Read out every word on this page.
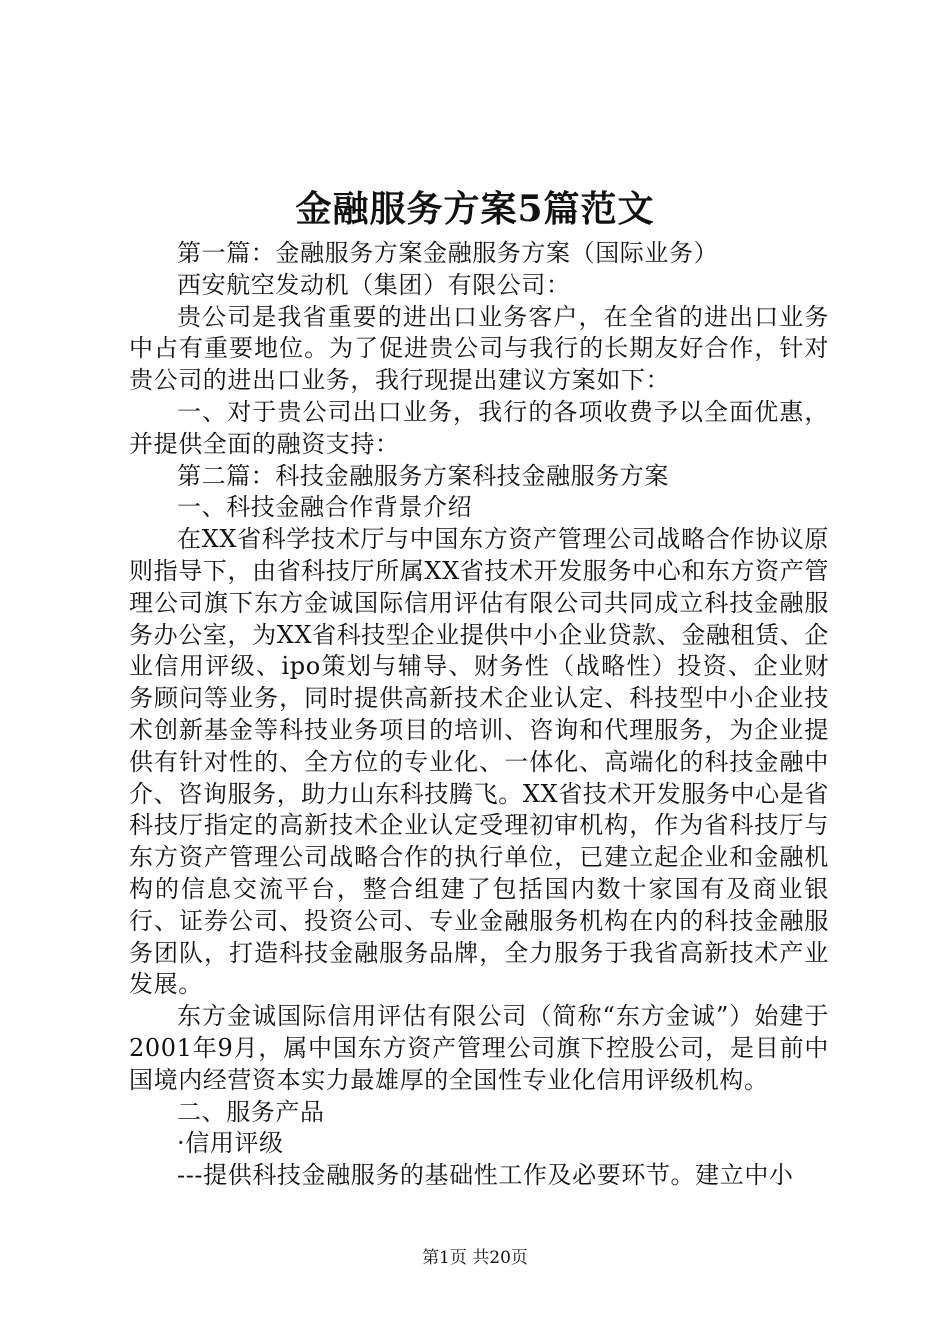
金融服务方案5篇范文

第一篇：金融服务方案金融服务方案（国际业务）

西安航空发动机（集团）有限公司：

贵公司是我省重要的进出口业务客户，在全省的进出口业务中占有重要地位。为了促进贵公司与我行的长期友好合作，针对贵公司的进出口业务，我行现提出建议方案如下：

一、对于贵公司出口业务，我行的各项收费予以全面优惠，并提供全面的融资支持：

第二篇：科技金融服务方案科技金融服务方案

一、科技金融合作背景介绍

在XX省科学技术厅与中国东方资产管理公司战略合作协议原则指导下，由省科技厅所属XX省技术开发服务中心和东方资产管理公司旗下东方金诚国际信用评估有限公司共同成立科技金融服务办公室，为XX省科技型企业提供中小企业贷款、金融租赁、企业信用评级、ipo策划与辅导、财务性（战略性）投资、企业财务顾问等业务，同时提供高新技术企业认定、科技型中小企业技术创新基金等科技业务项目的培训、咨询和代理服务，为企业提供有针对性的、全方位的专业化、一体化、高端化的科技金融中介、咨询服务，助力山东科技腾飞。XX省技术开发服务中心是省科技厅指定的高新技术企业认定受理初审机构，作为省科技厅与东方资产管理公司战略合作的执行单位，已建立起企业和金融机构的信息交流平台，整合组建了包括国内数十家国有及商业银行、证券公司、投资公司、专业金融服务机构在内的科技金融服务团队，打造科技金融服务品牌，全力服务于我省高新技术产业发展。

东方金诚国际信用评估有限公司（简称“东方金诚”）始建于2001年9月，属中国东方资产管理公司旗下控股公司，是目前中国境内经营资本实力最雄厚的全国性专业化信用评级机构。

二、服务产品

·信用评级

---提供科技金融服务的基础性工作及必要环节。建立中小

第1页 共20页
